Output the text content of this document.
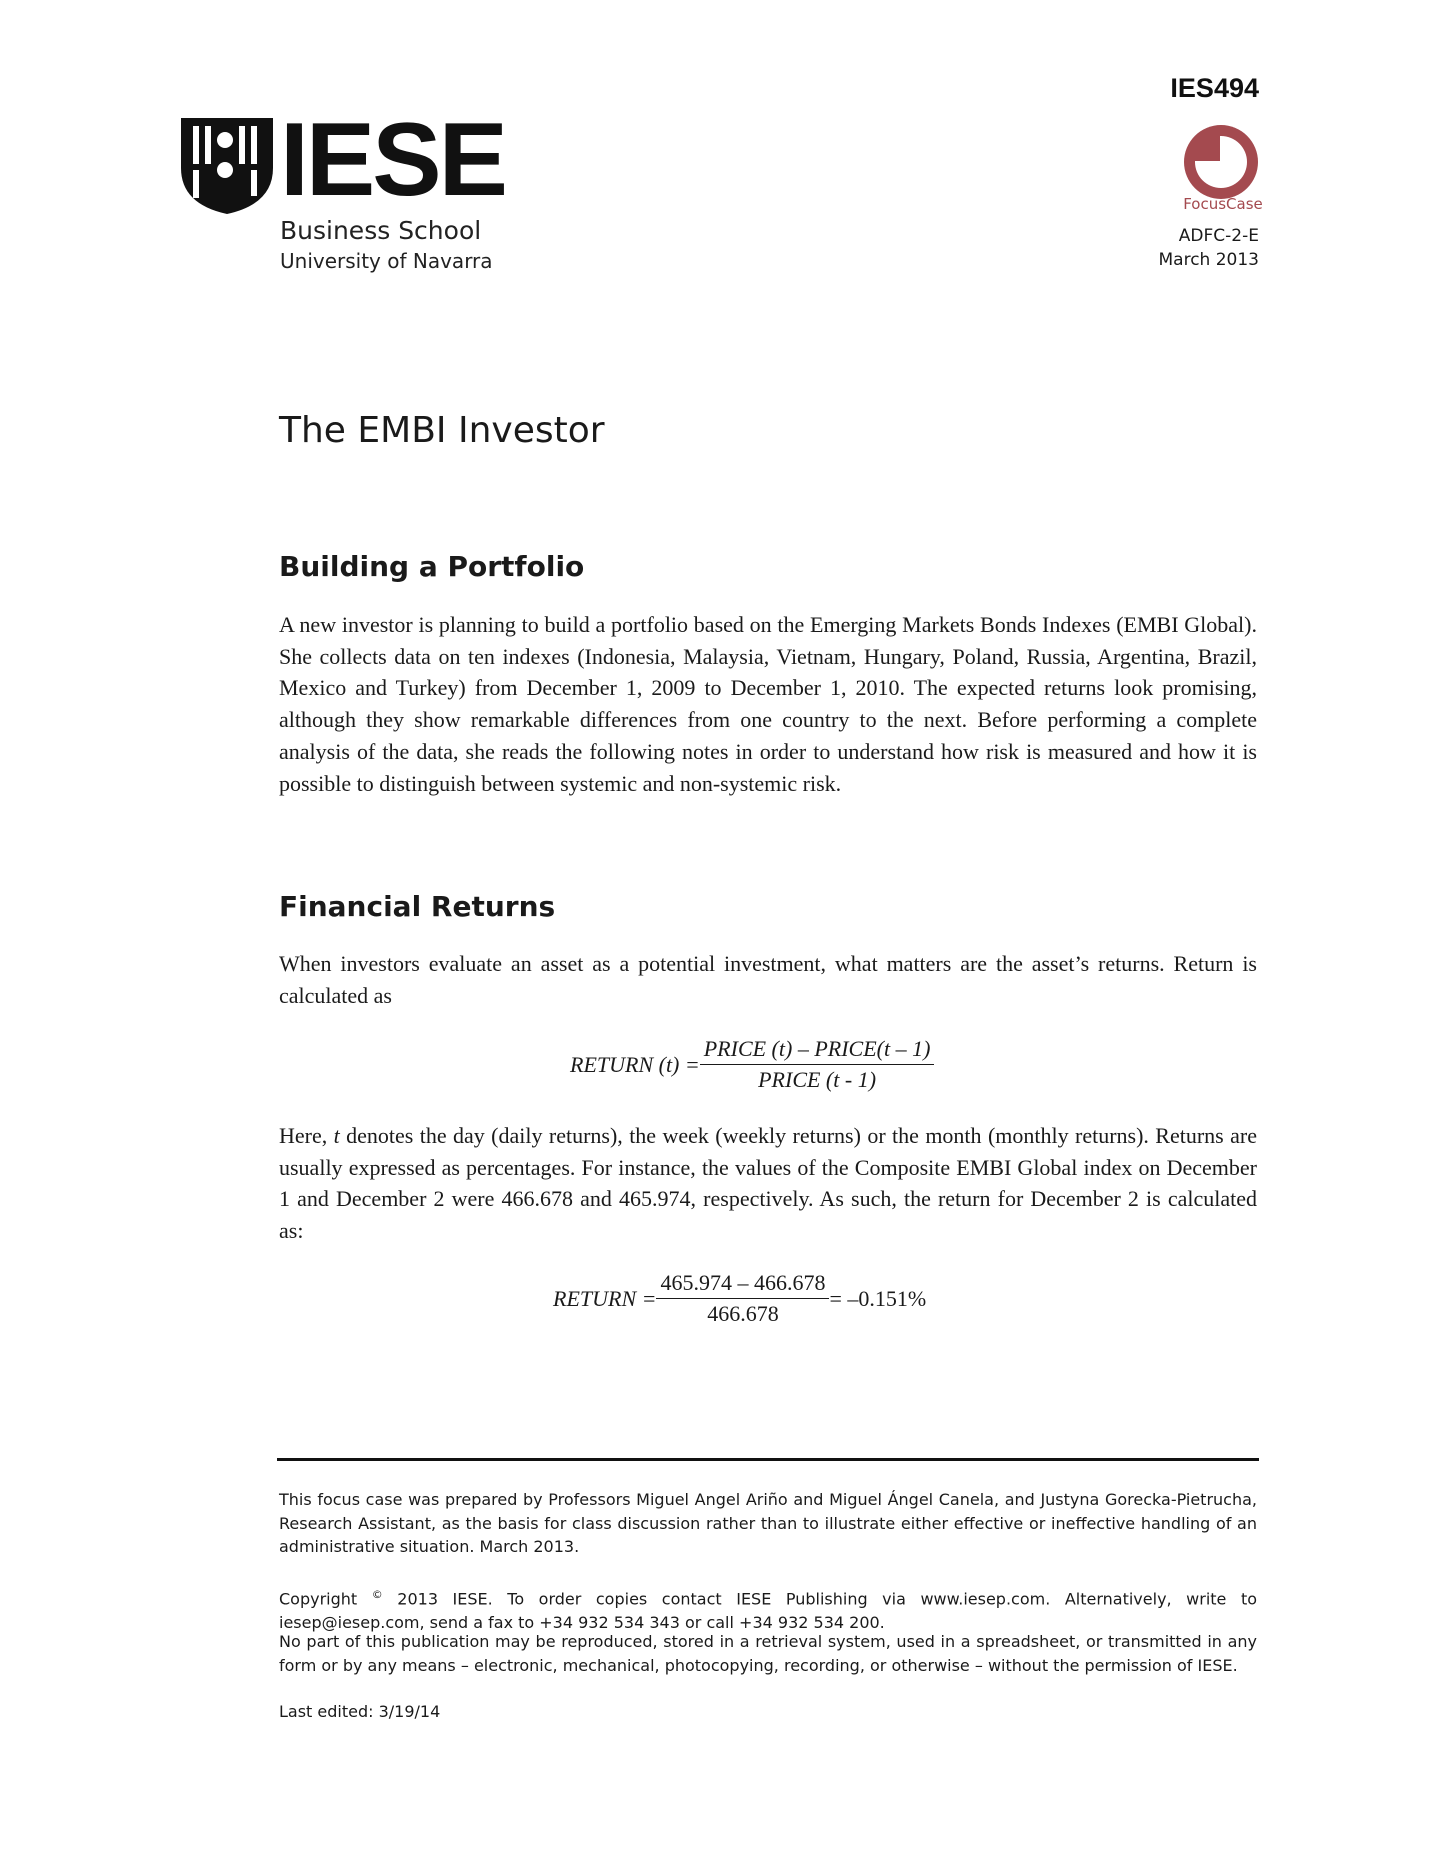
IESE
Business School
University of Navarra
IES494
FocusCase
ADFC-2-E
March 2013
The EMBI Investor
Building a Portfolio

A new investor is planning to build a portfolio based on the Emerging Markets Bonds Indexes (EMBI Global). She collects data on ten indexes (Indonesia, Malaysia, Vietnam, Hungary, Poland, Russia, Argentina, Brazil, Mexico and Turkey) from December 1, 2009 to December 1, 2010. The expected returns look promising, although they show remarkable differences from one country to the next. Before performing a complete analysis of the data, she reads the following notes in order to understand how risk is measured and how it is possible to distinguish between systemic and non-systemic risk.

Financial Returns

When investors evaluate an asset as a potential investment, what matters are the asset’s returns. Return is calculated as

RETURN $(t) = \frac{\text{PRICE (t) – PRICE(t – 1)}}{\text{PRICE (t - 1)}}$

Here, t denotes the day (daily returns), the week (weekly returns) or the month (monthly returns). Returns are usually expressed as percentages. For instance, the values of the Composite EMBI Global index on December 1 and December 2 were 466.678 and 465.974, respectively. As such, the return for December 2 is calculated as:

RETURN = $\frac{465.974 - 466.678}{466.678} = -0.151\%$

This focus case was prepared by Professors Miguel Angel Ariño and Miguel Ángel Canela, and Justyna Gorecka-Pietrucha, Research Assistant, as the basis for class discussion rather than to illustrate either effective or ineffective handling of an administrative situation. March 2013.

Copyright © 2013 IESE. To order copies contact IESE Publishing via www.iesep.com. Alternatively, write to iesep@iesep.com, send a fax to +34 932 534 343 or call +34 932 534 200.

No part of this publication may be reproduced, stored in a retrieval system, used in a spreadsheet, or transmitted in any form or by any means – electronic, mechanical, photocopying, recording, or otherwise – without the permission of IESE.

Last edited: 3/19/14
